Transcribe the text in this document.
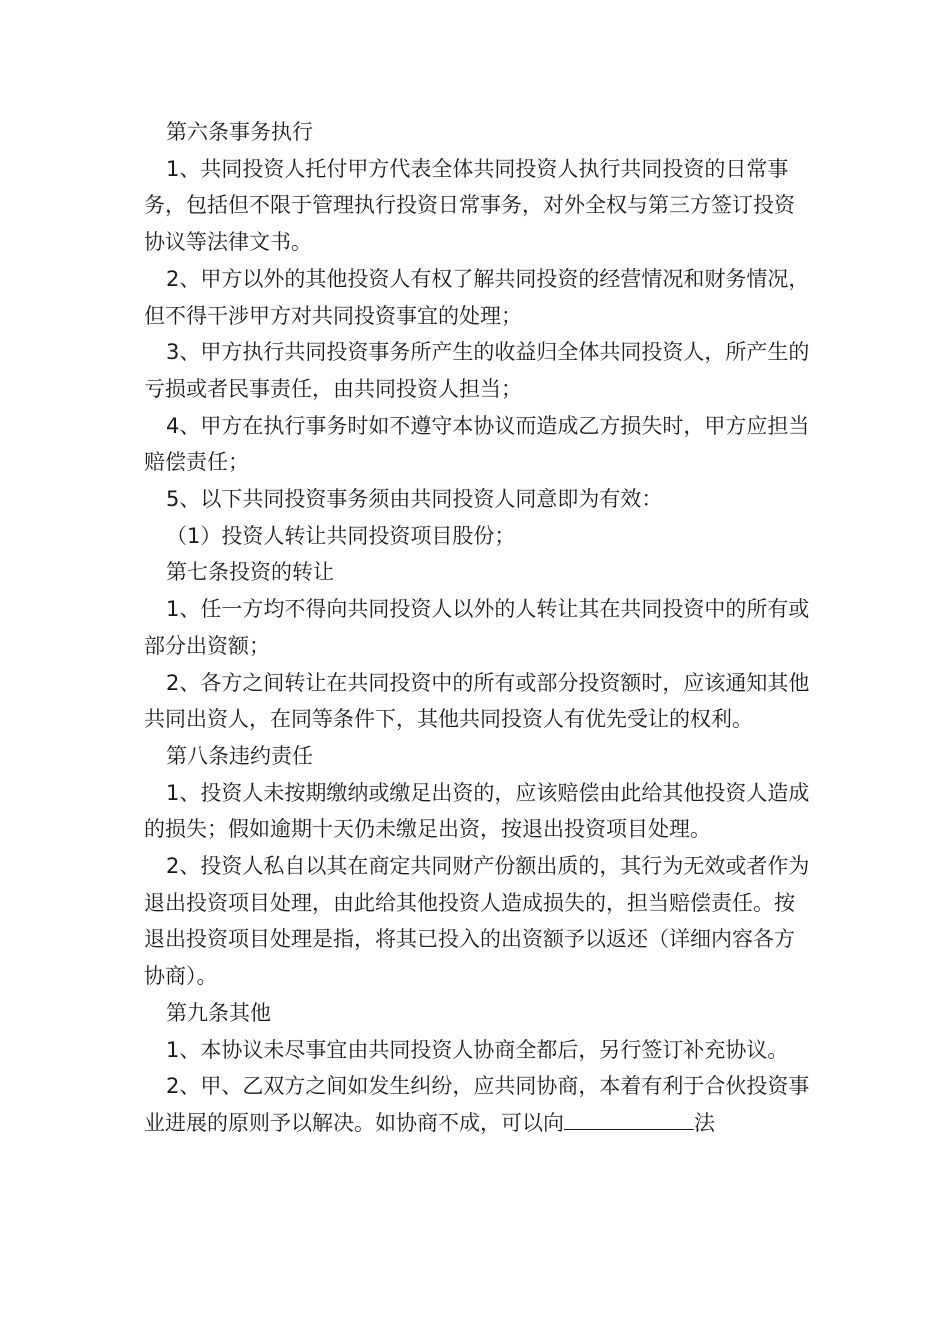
第六条事务执行

1、共同投资人托付甲方代表全体共同投资人执行共同投资的日常事务，包括但不限于管理执行投资日常事务，对外全权与第三方签订投资协议等法律文书。

2、甲方以外的其他投资人有权了解共同投资的经营情况和财务情况，但不得干涉甲方对共同投资事宜的处理；

3、甲方执行共同投资事务所产生的收益归全体共同投资人，所产生的亏损或者民事责任，由共同投资人担当；

4、甲方在执行事务时如不遵守本协议而造成乙方损失时，甲方应担当赔偿责任；

5、以下共同投资事务须由共同投资人同意即为有效：

（1）投资人转让共同投资项目股份；

第七条投资的转让

1、任一方均不得向共同投资人以外的人转让其在共同投资中的所有或部分出资额；

2、各方之间转让在共同投资中的所有或部分投资额时，应该通知其他共同出资人，在同等条件下，其他共同投资人有优先受让的权利。

第八条违约责任

1、投资人未按期缴纳或缴足出资的，应该赔偿由此给其他投资人造成的损失；假如逾期十天仍未缴足出资，按退出投资项目处理。

2、投资人私自以其在商定共同财产份额出质的，其行为无效或者作为退出投资项目处理，由此给其他投资人造成损失的，担当赔偿责任。按退出投资项目处理是指，将其已投入的出资额予以返还（详细内容各方协商）。

第九条其他

1、本协议未尽事宜由共同投资人协商全都后，另行签订补充协议。

2、甲、乙双方之间如发生纠纷，应共同协商，本着有利于合伙投资事业进展的原则予以解决。如协商不成，可以向	法
